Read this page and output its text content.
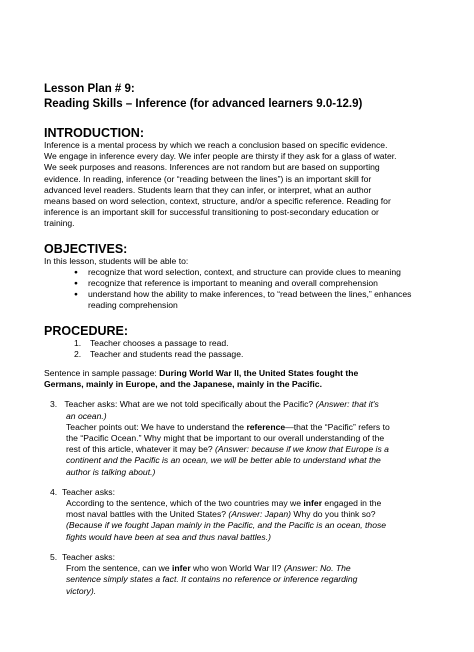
Lesson Plan # 9:
Reading Skills – Inference (for advanced learners 9.0-12.9)
INTRODUCTION:
Inference is a mental process by which we reach a conclusion based on specific evidence.
We engage in inference every day. We infer people are thirsty if they ask for a glass of water.
We seek purposes and reasons. Inferences are not random but are based on supporting
evidence. In reading, inference (or “reading between the lines”) is an important skill for
advanced level readers. Students learn that they can infer, or interpret, what an author
means based on word selection, context, structure, and/or a specific reference. Reading for
inference is an important skill for successful transitioning to post-secondary education or
training.
OBJECTIVES:
In this lesson, students will be able to:
● recognize that word selection, context, and structure can provide clues to meaning
● recognize that reference is important to meaning and overall comprehension
● understand how the ability to make inferences, to “read between the lines,” enhances
reading comprehension
PROCEDURE:
1. Teacher chooses a passage to read.
2. Teacher and students read the passage.
Sentence in sample passage: During World War II, the United States fought the
Germans, mainly in Europe, and the Japanese, mainly in the Pacific.
3. Teacher asks: What are we not told specifically about the Pacific? (Answer: that it's
an ocean.)
Teacher points out: We have to understand the reference—that the “Pacific” refers to
the “Pacific Ocean.” Why might that be important to our overall understanding of the
rest of this article, whatever it may be? (Answer: because if we know that Europe is a
continent and the Pacific is an ocean, we will be better able to understand what the
author is talking about.)
4. Teacher asks:
According to the sentence, which of the two countries may we infer engaged in the
most naval battles with the United States? (Answer: Japan) Why do you think so?
(Because if we fought Japan mainly in the Pacific, and the Pacific is an ocean, those
fights would have been at sea and thus naval battles.)
5. Teacher asks:
From the sentence, can we infer who won World War II? (Answer: No. The
sentence simply states a fact. It contains no reference or inference regarding
victory).
